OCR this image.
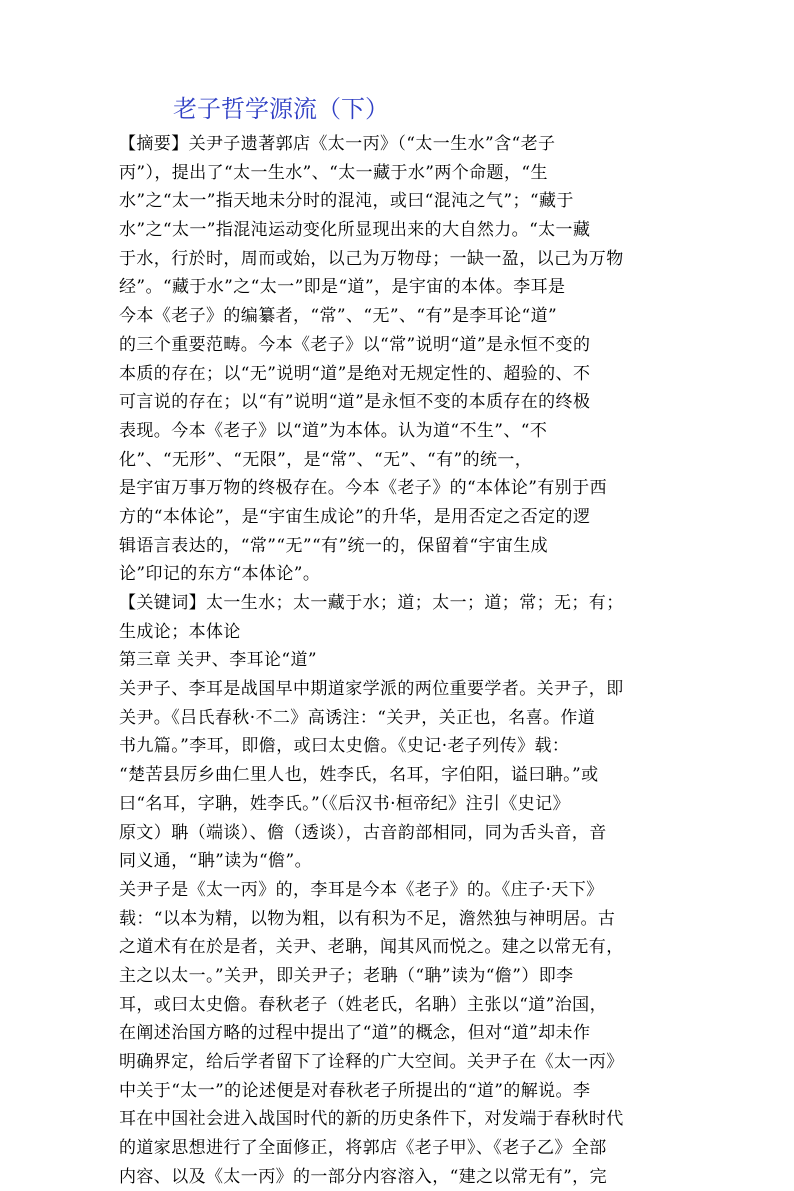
老子哲学源流（下）
【摘要】关尹子遗著郭店《太一丙》（“太一生水”含“老子
丙”），提出了“太一生水”、“太一藏于水”两个命题，“生
水”之“太一”指天地未分时的混沌，或曰“混沌之气”；“藏于
水”之“太一”指混沌运动变化所显现出来的大自然力。“太一藏
于水，行於时，周而或始，以己为万物母；一缺一盈，以己为万物
经”。“藏于水”之“太一”即是“道”，是宇宙的本体。李耳是
今本《老子》的编纂者，“常”、“无”、“有”是李耳论“道”
的三个重要范畴。今本《老子》以“常”说明“道”是永恒不变的
本质的存在；以“无”说明“道”是绝对无规定性的、超验的、不
可言说的存在；以“有”说明“道”是永恒不变的本质存在的终极
表现。今本《老子》以“道”为本体。认为道“不生”、“不
化”、“无形”、“无限”，是“常”、“无”、“有”的统一，
是宇宙万事万物的终极存在。今本《老子》的“本体论”有别于西
方的“本体论”，是“宇宙生成论”的升华，是用否定之否定的逻
辑语言表达的，“常”“无”“有”统一的，保留着“宇宙生成
论”印记的东方“本体论”。
【关键词】太一生水；太一藏于水；道；太一；道；常；无；有；
生成论；本体论
第三章 关尹、李耳论“道”
关尹子、李耳是战国早中期道家学派的两位重要学者。关尹子，即
关尹。《吕氏春秋·不二》高诱注：“关尹，关正也，名喜。作道
书九篇。”李耳，即儋，或曰太史儋。《史记·老子列传》载：
“楚苦县厉乡曲仁里人也，姓李氏，名耳，字伯阳，谥曰聃。”或
曰“名耳，字聃，姓李氏。”（《后汉书·桓帝纪》注引《史记》
原文）聃（端谈）、儋（透谈），古音韵部相同，同为舌头音，音
同义通，“聃”读为“儋”。
关尹子是《太一丙》的，李耳是今本《老子》的。《庄子·天下》
载：“以本为精，以物为粗，以有积为不足，澹然独与神明居。古
之道术有在於是者，关尹、老聃，闻其风而悦之。建之以常无有，
主之以太一。”关尹，即关尹子；老聃（“聃”读为“儋”）即李
耳，或曰太史儋。春秋老子（姓老氏，名聃）主张以“道”治国，
在阐述治国方略的过程中提出了“道”的概念，但对“道”却未作
明确界定，给后学者留下了诠释的广大空间。关尹子在《太一丙》
中关于“太一”的论述便是对春秋老子所提出的“道”的解说。李
耳在中国社会进入战国时代的新的历史条件下，对发端于春秋时代
的道家思想进行了全面修正，将郭店《老子甲》、《老子乙》全部
内容、以及《太一丙》的一部分内容溶入，“建之以常无有”，完
